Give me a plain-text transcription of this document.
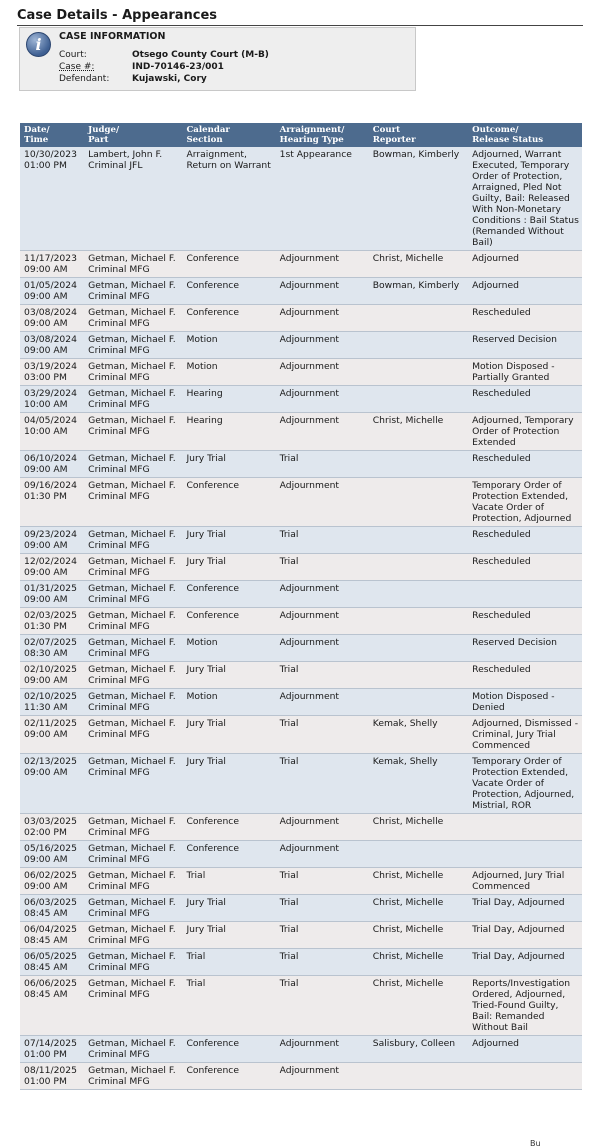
Case Details - Appearances
i	CASE INFORMATION
Court:	Otsego County Court (M-B)
Case #:	IND-70146-23/001
Defendant:	Kujawski, Cory
Date/
Time	Judge/
Part	Calendar
Section	Arraignment/
Hearing Type	Court
Reporter	Outcome/
Release Status
10/30/2023
01:00 PM	Lambert, John F.
Criminal JFL	Arraignment,
Return on Warrant	1st Appearance	Bowman, Kimberly	Adjourned, Warrant Executed, Temporary Order of Protection, Arraigned, Pled Not Guilty, Bail: Released With Non-Monetary Conditions : Bail Status (Remanded Without Bail)
11/17/2023
09:00 AM	Getman, Michael F.
Criminal MFG	Conference	Adjournment	Christ, Michelle	Adjourned
01/05/2024
09:00 AM	Getman, Michael F.
Criminal MFG	Conference	Adjournment	Bowman, Kimberly	Adjourned
03/08/2024
09:00 AM	Getman, Michael F.
Criminal MFG	Conference	Adjournment		Rescheduled
03/08/2024
09:00 AM	Getman, Michael F.
Criminal MFG	Motion	Adjournment		Reserved Decision
03/19/2024
03:00 PM	Getman, Michael F.
Criminal MFG	Motion	Adjournment		Motion Disposed - Partially Granted
03/29/2024
10:00 AM	Getman, Michael F.
Criminal MFG	Hearing	Adjournment		Rescheduled
04/05/2024
10:00 AM	Getman, Michael F.
Criminal MFG	Hearing	Adjournment	Christ, Michelle	Adjourned, Temporary Order of Protection Extended
06/10/2024
09:00 AM	Getman, Michael F.
Criminal MFG	Jury Trial	Trial		Rescheduled
09/16/2024
01:30 PM	Getman, Michael F.
Criminal MFG	Conference	Adjournment		Temporary Order of Protection Extended, Vacate Order of Protection, Adjourned
09/23/2024
09:00 AM	Getman, Michael F.
Criminal MFG	Jury Trial	Trial		Rescheduled
12/02/2024
09:00 AM	Getman, Michael F.
Criminal MFG	Jury Trial	Trial		Rescheduled
01/31/2025
09:00 AM	Getman, Michael F.
Criminal MFG	Conference	Adjournment		
02/03/2025
01:30 PM	Getman, Michael F.
Criminal MFG	Conference	Adjournment		Rescheduled
02/07/2025
08:30 AM	Getman, Michael F.
Criminal MFG	Motion	Adjournment		Reserved Decision
02/10/2025
09:00 AM	Getman, Michael F.
Criminal MFG	Jury Trial	Trial		Rescheduled
02/10/2025
11:30 AM	Getman, Michael F.
Criminal MFG	Motion	Adjournment		Motion Disposed - Denied
02/11/2025
09:00 AM	Getman, Michael F.
Criminal MFG	Jury Trial	Trial	Kemak, Shelly	Adjourned, Dismissed - Criminal, Jury Trial Commenced
02/13/2025
09:00 AM	Getman, Michael F.
Criminal MFG	Jury Trial	Trial	Kemak, Shelly	Temporary Order of Protection Extended, Vacate Order of Protection, Adjourned, Mistrial, ROR
03/03/2025
02:00 PM	Getman, Michael F.
Criminal MFG	Conference	Adjournment	Christ, Michelle	
05/16/2025
09:00 AM	Getman, Michael F.
Criminal MFG	Conference	Adjournment		
06/02/2025
09:00 AM	Getman, Michael F.
Criminal MFG	Trial	Trial	Christ, Michelle	Adjourned, Jury Trial Commenced
06/03/2025
08:45 AM	Getman, Michael F.
Criminal MFG	Jury Trial	Trial	Christ, Michelle	Trial Day, Adjourned
06/04/2025
08:45 AM	Getman, Michael F.
Criminal MFG	Jury Trial	Trial	Christ, Michelle	Trial Day, Adjourned
06/05/2025
08:45 AM	Getman, Michael F.
Criminal MFG	Trial	Trial	Christ, Michelle	Trial Day, Adjourned
06/06/2025
08:45 AM	Getman, Michael F.
Criminal MFG	Trial	Trial	Christ, Michelle	Reports/Investigation Ordered, Adjourned, Tried-Found Guilty, Bail: Remanded Without Bail
07/14/2025
01:00 PM	Getman, Michael F.
Criminal MFG	Conference	Adjournment	Salisbury, Colleen	Adjourned
08/11/2025
01:00 PM	Getman, Michael F.
Criminal MFG	Conference	Adjournment		
Bu
